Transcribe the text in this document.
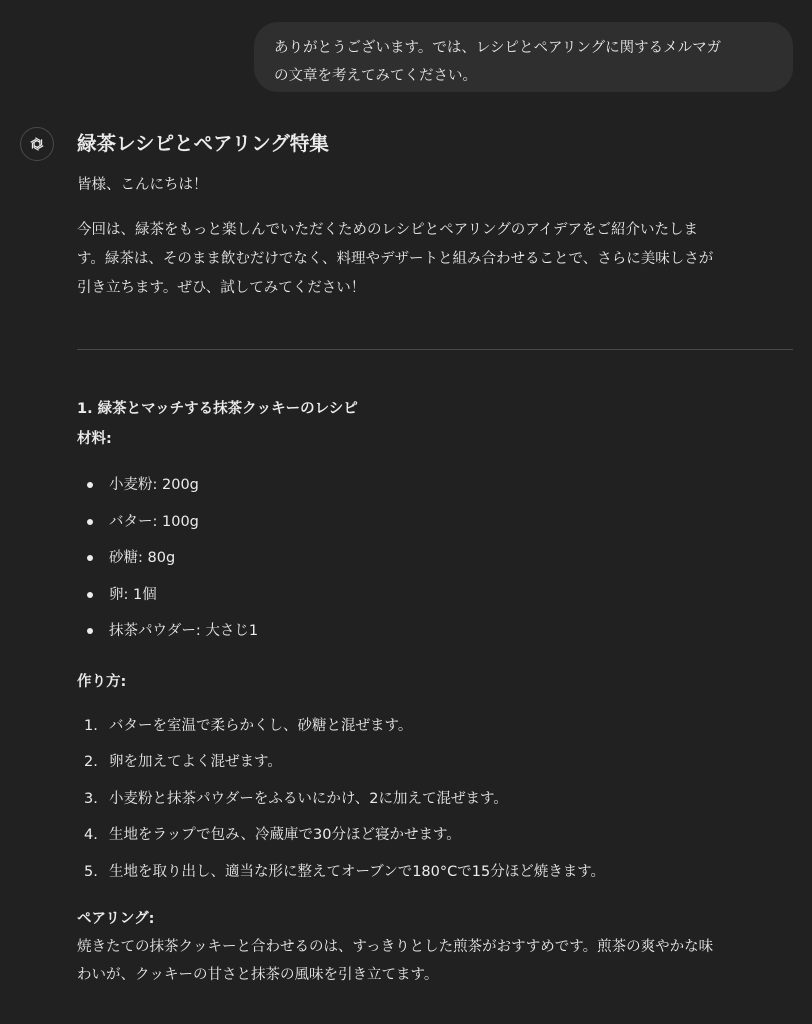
ありがとうございます。では、レシピとペアリングに関するメルマガ
の文章を考えてみてください。
緑茶レシピとペアリング特集

皆様、こんにちは！

今回は、緑茶をもっと楽しんでいただくためのレシピとペアリングのアイデアをご紹介いたしま
す。緑茶は、そのまま飲むだけでなく、料理やデザートと組み合わせることで、さらに美味しさが
引き立ちます。ぜひ、試してみてください！

1. 緑茶とマッチする抹茶クッキーのレシピ

材料:

小麦粉: 200g
バター: 100g
砂糖: 80g
卵: 1個
抹茶パウダー: 大さじ1

作り方:

1. バターを室温で柔らかくし、砂糖と混ぜます。
2. 卵を加えてよく混ぜます。
3. 小麦粉と抹茶パウダーをふるいにかけ、2に加えて混ぜます。
4. 生地をラップで包み、冷蔵庫で30分ほど寝かせます。
5. 生地を取り出し、適当な形に整えてオーブンで180°Cで15分ほど焼きます。

ペアリング:

焼きたての抹茶クッキーと合わせるのは、すっきりとした煎茶がおすすめです。煎茶の爽やかな味
わいが、クッキーの甘さと抹茶の風味を引き立てます。
